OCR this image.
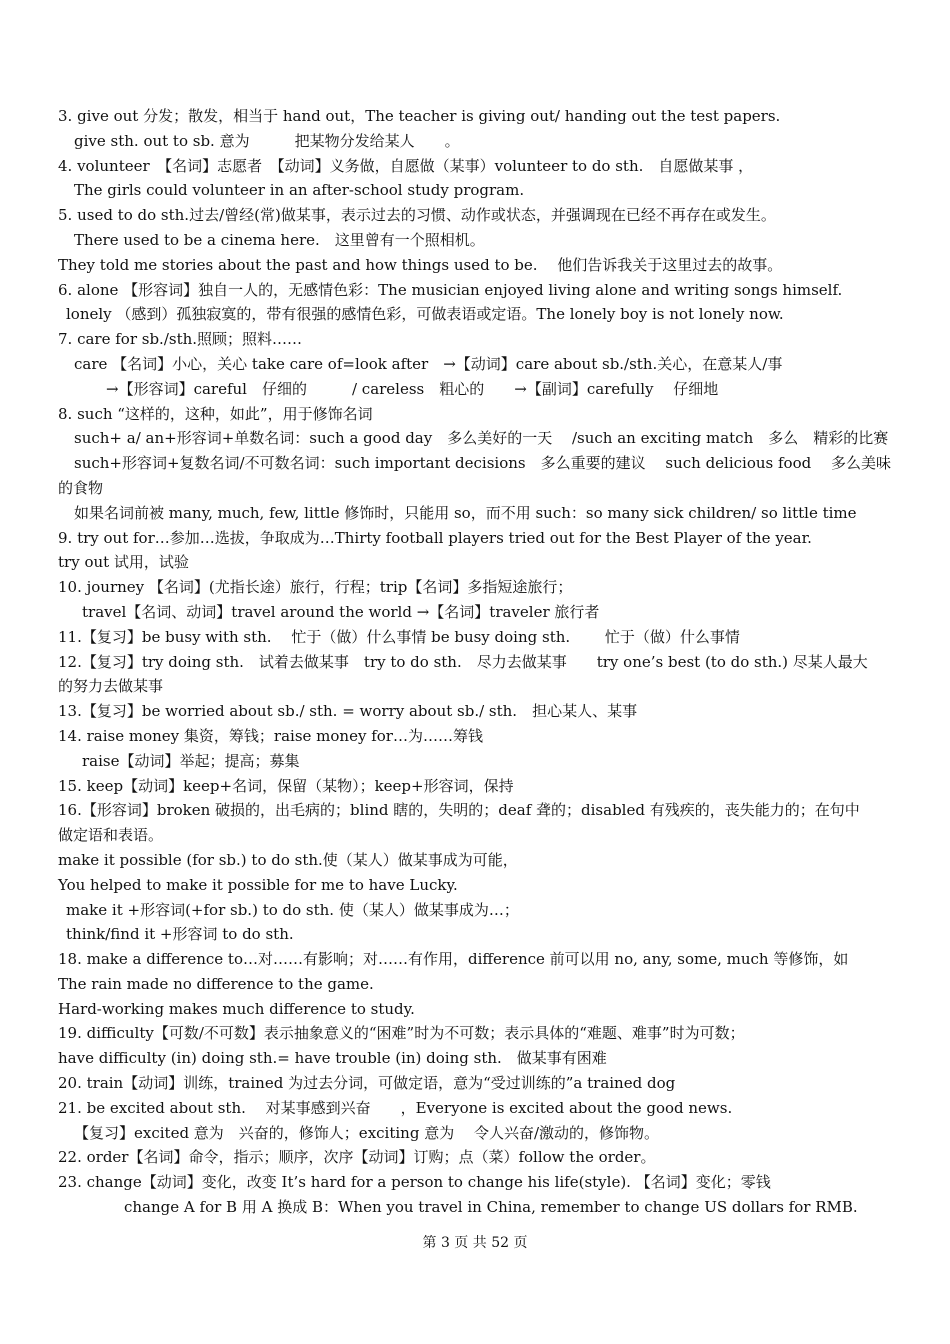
3. give out 分发；散发，相当于 hand out，The teacher is giving out/ handing out the test papers.
give sth. out to sb. 意为　　　把某物分发给某人　　。
4. volunteer　【名词】志愿者　【动词】义务做，自愿做（某事）volunteer to do sth.　自愿做某事 ，
The girls could volunteer in an after-school study program.
5. used to do sth.过去/曾经(常)做某事，表示过去的习惯、动作或状态，并强调现在已经不再存在或发生。
There used to be a cinema here.　这里曾有一个照相机。
They told me stories about the past and how things used to be.　 他们告诉我关于这里过去的故事。
6. alone 【形容词】独自一人的，无感情色彩：The musician enjoyed living alone and writing songs himself.
lonely （感到）孤独寂寞的，带有很强的感情色彩，可做表语或定语。The lonely boy is not lonely now.
7. care for sb./sth.照顾；照料……
care 【名词】小心，关心 take care of=look after　→【动词】care about sb./sth.关心，在意某人/事
→【形容词】careful　仔细的　　　/ careless　粗心的　　→【副词】carefully　 仔细地
8. such “这样的，这种，如此”，用于修饰名词
such+ a/ an+形容词+单数名词：such a good day　多么美好的一天　 /such an exciting match　多么　精彩的比赛
such+形容词+复数名词/不可数名词：such important decisions　多么重要的建议　 such delicious food　 多么美味
的食物
如果名词前被 many, much, few, little 修饰时，只能用 so，而不用 such：so many sick children/ so little time
9. try out for…参加…选拔，争取成为…Thirty football players tried out for the Best Player of the year.
try out 试用，试验
10. journey 【名词】(尤指长途）旅行，行程；trip【名词】多指短途旅行；
travel【名词、动词】travel around the world →【名词】traveler 旅行者
11.【复习】be busy with sth.　 忙于（做）什么事情 be busy doing sth.　　 忙于（做）什么事情
12.【复习】try doing sth.　试着去做某事　try to do sth.　尽力去做某事　　try one’s best (to do sth.) 尽某人最大
的努力去做某事
13.【复习】be worried about sb./ sth. = worry about sb./ sth.　担心某人、某事
14. raise money 集资，筹钱；raise money for…为……筹钱
raise【动词】举起；提高；募集
15. keep【动词】keep+名词，保留（某物）；keep+形容词，保持
16.【形容词】broken 破损的，出毛病的；blind 瞎的，失明的；deaf 聋的；disabled 有残疾的，丧失能力的；在句中
做定语和表语。
make it possible (for sb.) to do sth.使（某人）做某事成为可能，
You helped to make it possible for me to have Lucky.
make it +形容词(+for sb.) to do sth. 使（某人）做某事成为…；
think/find it +形容词 to do sth.
18. make a difference to…对……有影响；对……有作用，difference 前可以用 no, any, some, much 等修饰，如
The rain made no difference to the game.
Hard-working makes much difference to study.
19. difficulty【可数/不可数】表示抽象意义的“困难”时为不可数；表示具体的“难题、难事”时为可数；
have difficulty (in) doing sth.= have trouble (in) doing sth.　做某事有困难
20. train【动词】训练，trained 为过去分词，可做定语，意为“受过训练的”a trained dog
21. be excited about sth.　 对某事感到兴奋　　，Everyone is excited about the good news.
【复习】excited 意为　兴奋的，修饰人；exciting 意为　 令人兴奋/激动的，修饰物。
22. order【名词】命令，指示；顺序，次序【动词】订购；点（菜）follow the order。
23. change【动词】变化，改变 It’s hard for a person to change his life(style). 【名词】变化；零钱
change A for B 用 A 换成 B：When you travel in China, remember to change US dollars for RMB.
第 3 页 共 52 页
